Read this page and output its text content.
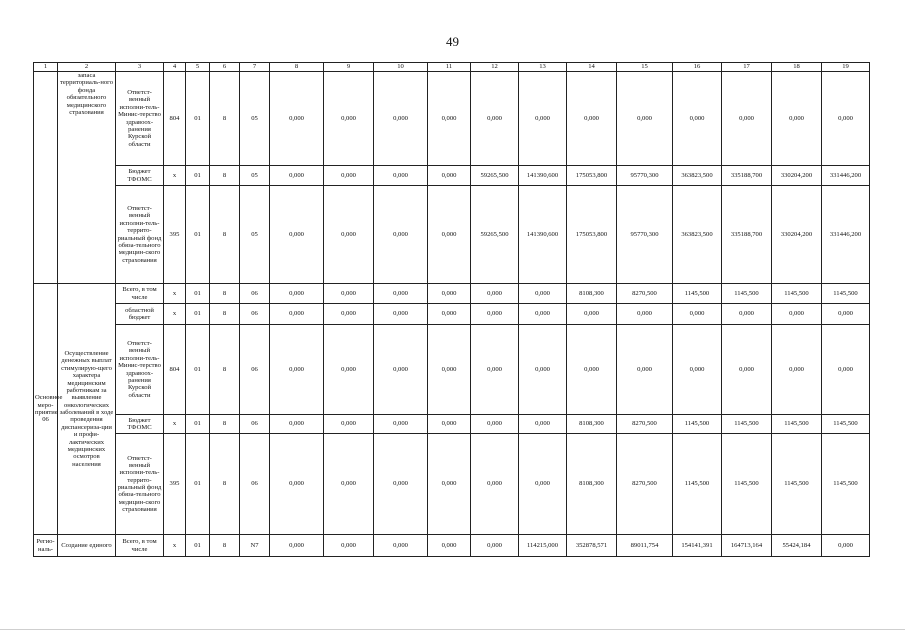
49
1	2	3	4	5	6	7	8	9	10	11	12	13	14	15	16	17	18	19
	запаса территориаль-ного фонда обязательного медицинского страхования	Ответст-венный исполни-тель- Минис-терство здравоох-ранения Курской области	804	01	8	05	0,000	0,000	0,000	0,000	0,000	0,000	0,000	0,000	0,000	0,000	0,000	0,000
		Бюджет ТФОМС	x	01	8	05	0,000	0,000	0,000	0,000	59265,500	141390,600	175053,800	95770,300	363823,500	335188,700	330204,200	331446,200
		Ответст-венный исполни-тель- террито-риальный фонд обяза-тельного медицин-ского страхования	395	01	8	05	0,000	0,000	0,000	0,000	59265,500	141390,600	175053,800	95770,300	363823,500	335188,700	330204,200	331446,200
Основное меро-приятие 06	Осуществление денежных выплат стимулирую-щего характера медицинским работникам за выявление онкологических заболеваний в ходе проведения диспансериза-ции и профи-лактических медицинских осмотров населения	Всего, в том числе	x	01	8	06	0,000	0,000	0,000	0,000	0,000	0,000	8108,300	8270,500	1145,500	1145,500	1145,500	1145,500
		областной бюджет	x	01	8	06	0,000	0,000	0,000	0,000	0,000	0,000	0,000	0,000	0,000	0,000	0,000	0,000
		Ответст-венный исполни-тель- Минис-терство здравоох-ранения Курской области	804	01	8	06	0,000	0,000	0,000	0,000	0,000	0,000	0,000	0,000	0,000	0,000	0,000	0,000
		Бюджет ТФОМС	x	01	8	06	0,000	0,000	0,000	0,000	0,000	0,000	8108,300	8270,500	1145,500	1145,500	1145,500	1145,500
		Ответст-венный исполни-тель- террито-риальный фонд обяза-тельного медицин-ского страхования	395	01	8	06	0,000	0,000	0,000	0,000	0,000	0,000	8108,300	8270,500	1145,500	1145,500	1145,500	1145,500
Регио-наль-	Создание единого	Всего, в том числе	x	01	8	N7	0,000	0,000	0,000	0,000	0,000	114215,000	352878,571	89011,754	154141,391	164713,164	55424,184	0,000
